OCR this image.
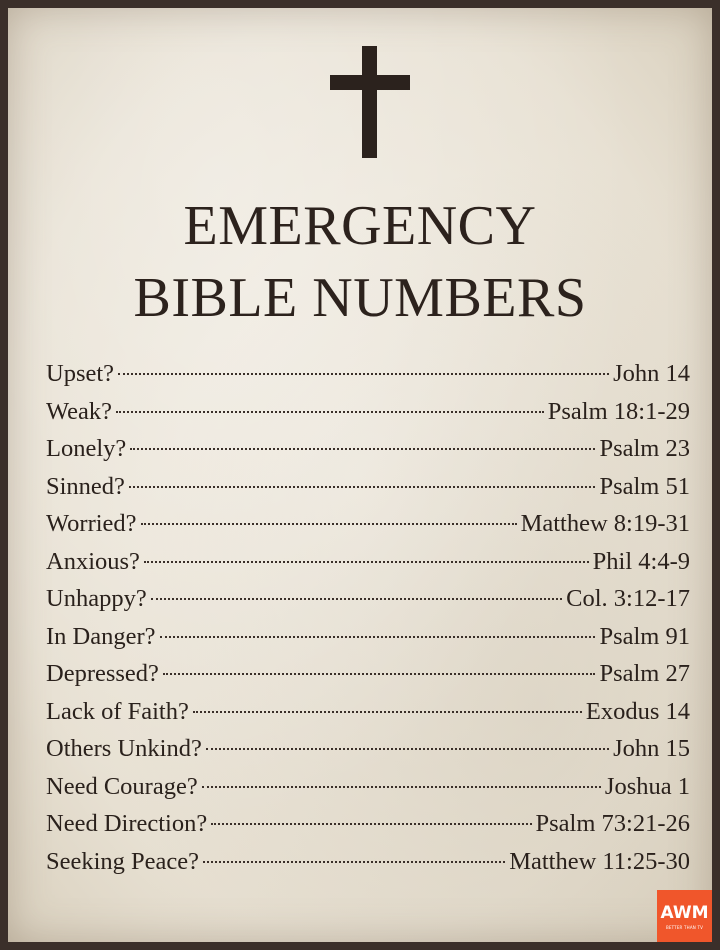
EMERGENCY
BIBLE NUMBERS
Upset?	John 14
Weak?	Psalm 18:1-29
Lonely?	Psalm 23
Sinned?	Psalm 51
Worried?	Matthew 8:19-31
Anxious?	Phil 4:4-9
Unhappy?	Col. 3:12-17
In Danger?	Psalm 91
Depressed?	Psalm 27
Lack of Faith?	Exodus 14
Others Unkind?	John 15
Need Courage?	Joshua 1
Need Direction?	Psalm 73:21-26
Seeking Peace?	Matthew 11:25-30
AWM
BETTER THAN TV
